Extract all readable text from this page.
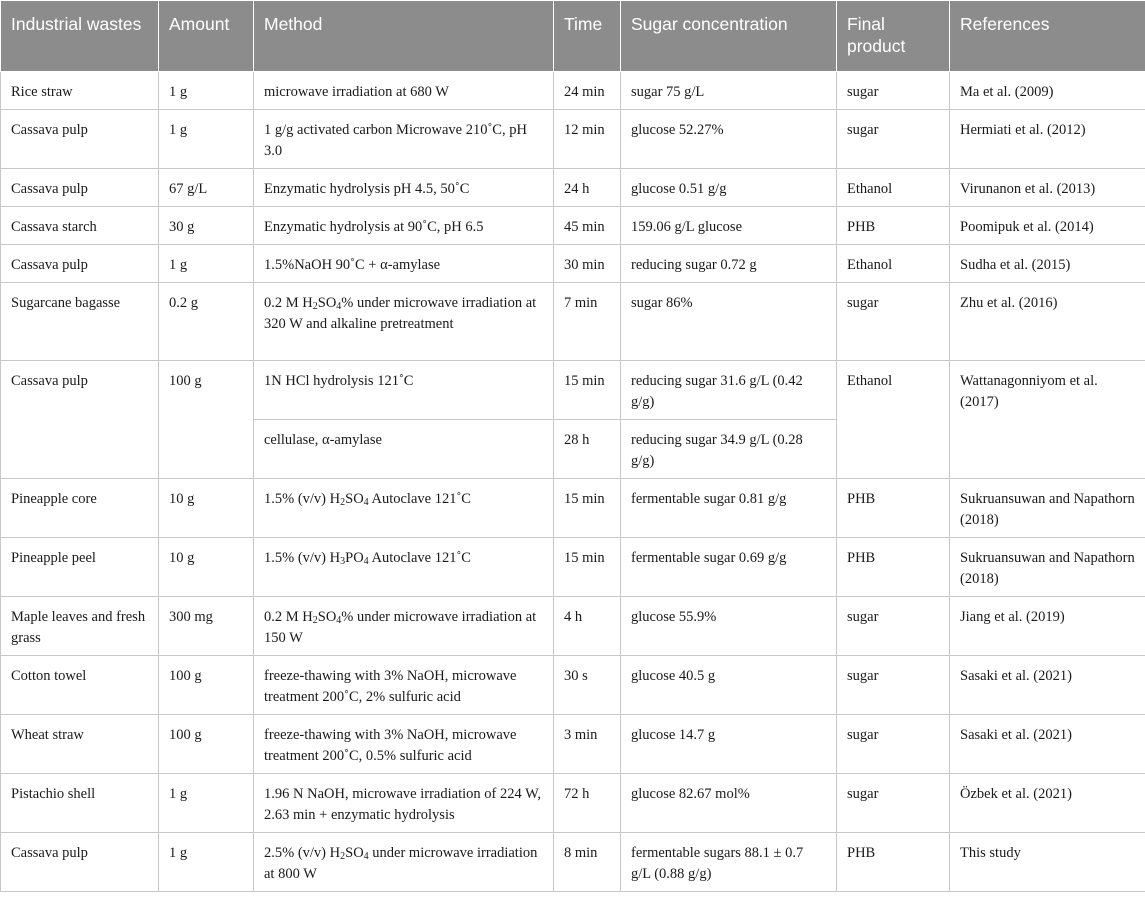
Industrial wastes	Amount	Method	Time	Sugar concentration	Final product	References
Rice straw	1 g	microwave irradiation at 680 W	24 min	sugar 75 g/L	sugar	Ma et al. (2009)
Cassava pulp	1 g	1 g/g activated carbon Microwave 210˚C, pH 3.0	12 min	glucose 52.27%	sugar	Hermiati et al. (2012)
Cassava pulp	67 g/L	Enzymatic hydrolysis pH 4.5, 50˚C	24 h	glucose 0.51 g/g	Ethanol	Virunanon et al. (2013)
Cassava starch	30 g	Enzymatic hydrolysis at 90˚C, pH 6.5	45 min	159.06 g/L glucose	PHB	Poomipuk et al. (2014)
Cassava pulp	1 g	1.5%NaOH 90˚C + α-amylase	30 min	reducing sugar 0.72 g	Ethanol	Sudha et al. (2015)
Sugarcane bagasse	0.2 g	0.2 M $H_2SO_4\%$ under microwave irradiation at 320 W and alkaline pretreatment	7 min	sugar 86%	sugar	Zhu et al. (2016)
Cassava pulp	100 g	1N HCl hydrolysis 121˚C	15 min	reducing sugar 31.6 g/L (0.42 g/g)	Ethanol	Wattanagonniyom et al. (2017)
		cellulase, α-amylase	28 h	reducing sugar 34.9 g/L (0.28 g/g)		
Pineapple core	10 g	1.5% (v/v) $H_2SO_4$ Autoclave 121˚C	15 min	fermentable sugar 0.81 g/g	PHB	Sukruansuwan and Napathorn (2018)
Pineapple peel	10 g	1.5% (v/v) $H_3PO_4$ Autoclave 121˚C	15 min	fermentable sugar 0.69 g/g	PHB	Sukruansuwan and Napathorn (2018)
Maple leaves and fresh grass	300 mg	0.2 M $H_2SO_4\%$ under microwave irradiation at 150 W	4 h	glucose 55.9%	sugar	Jiang et al. (2019)
Cotton towel	100 g	freeze-thawing with 3% NaOH, microwave treatment 200˚C, 2% sulfuric acid	30 s	glucose 40.5 g	sugar	Sasaki et al. (2021)
Wheat straw	100 g	freeze-thawing with 3% NaOH, microwave treatment 200˚C, 0.5% sulfuric acid	3 min	glucose 14.7 g	sugar	Sasaki et al. (2021)
Pistachio shell	1 g	1.96 N NaOH, microwave irradiation of 224 W, 2.63 min + enzymatic hydrolysis	72 h	glucose 82.67 mol%	sugar	Özbek et al. (2021)
Cassava pulp	1 g	2.5% (v/v) $H_2SO_4$ under microwave irradiation at 800 W	8 min	fermentable sugars 88.1 ± 0.7 g/L (0.88 g/g)	PHB	This study
